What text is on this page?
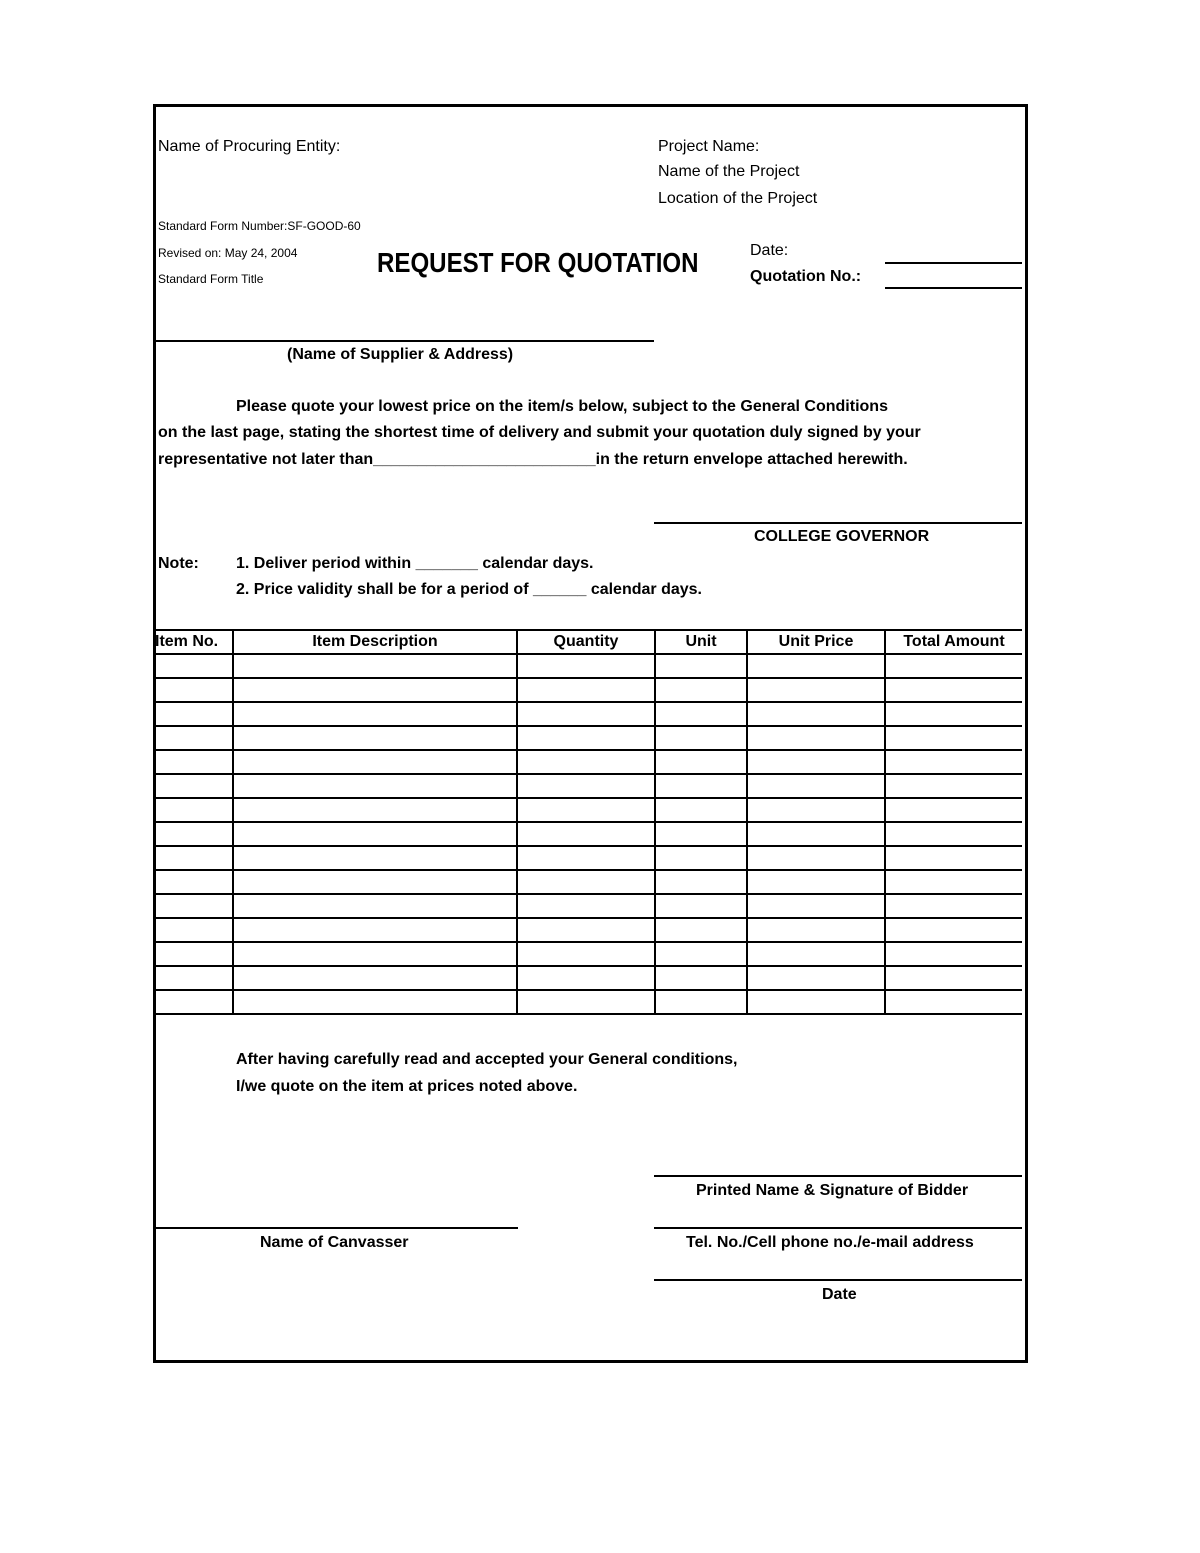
Name of Procuring Entity:	Project Name:
Name of the Project
Location of the Project
Standard Form Number:SF-GOOD-60
Revised on: May 24, 2004
Standard Form Title
REQUEST FOR QUOTATION	Date:
Quotation No.:
(Name of Supplier & Address)
Please quote your lowest price on the item/s below, subject to the General Conditions
on the last page, stating the shortest time of delivery and submit your quotation duly signed by your
representative not later than_________________________in the return envelope attached herewith.
COLLEGE GOVERNOR
Note: 1. Deliver period within _______ calendar days.
2. Price validity shall be for a period of ______ calendar days.
Item No.	Item Description	Quantity	Unit	Unit Price	Total Amount

After having carefully read and accepted your General conditions,
I/we quote on the item at prices noted above.
Printed Name & Signature of Bidder
Name of Canvasser	Tel. No./Cell phone no./e-mail address
Date
